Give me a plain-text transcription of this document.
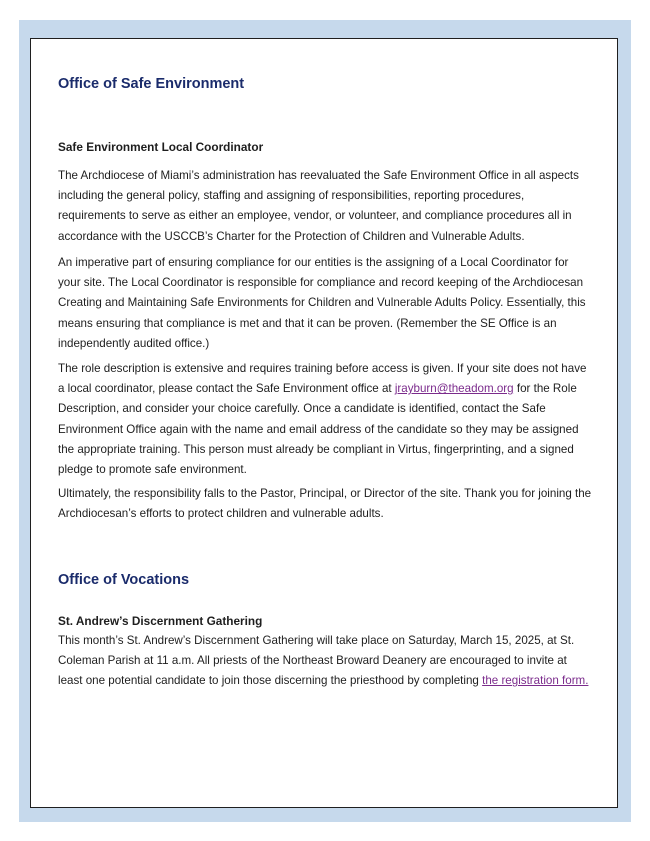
Office of Safe Environment
Safe Environment Local Coordinator

The Archdiocese of Miami’s administration has reevaluated the Safe Environment Office in all aspects including the general policy, staffing and assigning of responsibilities, reporting procedures, requirements to serve as either an employee, vendor, or volunteer, and compliance procedures all in accordance with the USCCB’s Charter for the Protection of Children and Vulnerable Adults.

An imperative part of ensuring compliance for our entities is the assigning of a Local Coordinator for your site. The Local Coordinator is responsible for compliance and record keeping of the Archdiocesan Creating and Maintaining Safe Environments for Children and Vulnerable Adults Policy. Essentially, this means ensuring that compliance is met and that it can be proven. (Remember the SE Office is an independently audited office.)

The role description is extensive and requires training before access is given. If your site does not have a local coordinator, please contact the Safe Environment office at jrayburn@theadom.org for the Role Description, and consider your choice carefully. Once a candidate is identified, contact the Safe Environment Office again with the name and email address of the candidate so they may be assigned the appropriate training. This person must already be compliant in Virtus, fingerprinting, and a signed pledge to promote safe environment.

Ultimately, the responsibility falls to the Pastor, Principal, or Director of the site. Thank you for joining the Archdiocesan’s efforts to protect children and vulnerable adults.

Office of Vocations
St. Andrew’s Discernment Gathering

This month’s St. Andrew’s Discernment Gathering will take place on Saturday, March 15, 2025, at St. Coleman Parish at 11 a.m. All priests of the Northeast Broward Deanery are encouraged to invite at least one potential candidate to join those discerning the priesthood by completing the registration form.
